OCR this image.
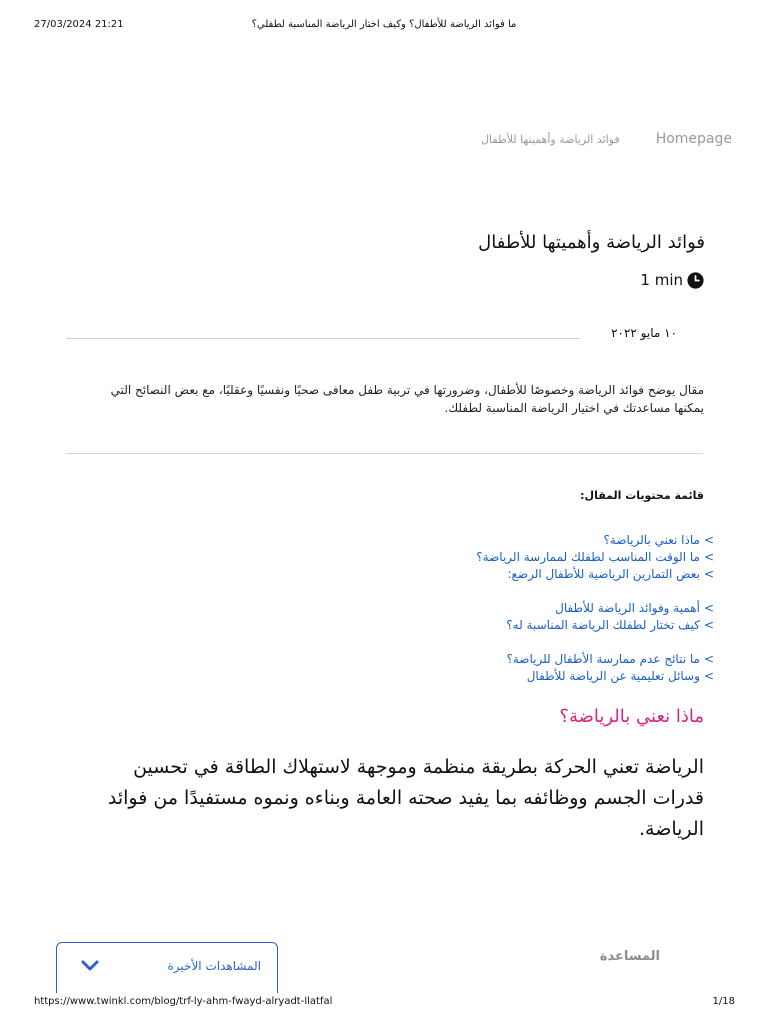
27/03/2024 21:21	ما فوائد الرياضة للأطفال؟ وكيف اختار الرياضة المناسبة لطفلي؟
فوائد الرياضة وأهميتها للأطفال	Homepage
فوائد الرياضة وأهميتها للأطفال
1 min
١٠ مايو ٢٠٢٢

مقال يوضح فوائد الرياضة وخصوصًا للأطفال، وضرورتها في تربية طفل معافى صحيًا ونفسيًا وعقليًا، مع بعض النصائح التي يمكنها مساعدتك في اختيار الرياضة المناسبة لطفلك.

قائمة محتويات المقال:
>ماذا نعني بالرياضة؟
>ما الوقت المناسب لطفلك لممارسة الرياضة؟
>بعض التمارين الرياضية للأطفال الرضع:
>أهمية وفوائد الرياضة للأطفال
>كيف تختار لطفلك الرياضة المناسبة له؟
>ما نتائج عدم ممارسة الأطفال للرياضة؟
>وسائل تعليمية عن الرياضة للأطفال
ماذا نعني بالرياضة؟

الرياضة تعني الحركة بطريقة منظمة وموجهة لاستهلاك الطاقة في تحسين قدرات الجسم ووظائفه بما يفيد صحته العامة وبناءه ونموه مستفيدًا من فوائد الرياضة.

المساعدة
المشاهدات الأخيرة
https://www.twinkl.com/blog/trf-ly-ahm-fwayd-alryadt-llatfal	1/18
